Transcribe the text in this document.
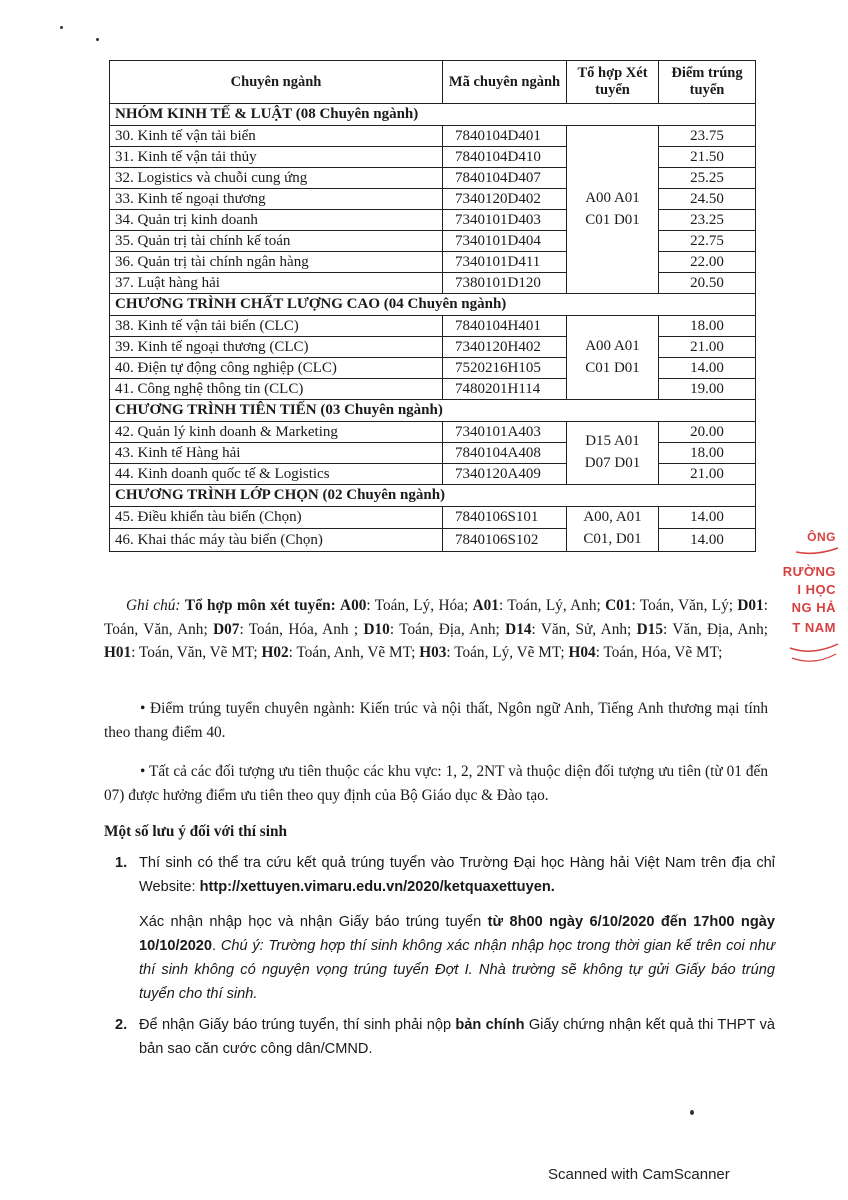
Chuyên ngành	Mã chuyên ngành	Tổ hợp Xét tuyển	Điểm trúng tuyển
NHÓM KINH TẾ & LUẬT (08 Chuyên ngành)			
30. Kinh tế vận tải biển	7840104D401	A00 A01 C01 D01	23.75
31. Kinh tế vận tải thủy	7840104D410		21.50
32. Logistics và chuỗi cung ứng	7840104D407		25.25
33. Kinh tế ngoại thương	7340120D402		24.50
34. Quản trị kinh doanh	7340101D403		23.25
35. Quản trị tài chính kế toán	7340101D404		22.75
36. Quản trị tài chính ngân hàng	7340101D411		22.00
37. Luật hàng hải	7380101D120		20.50
CHƯƠNG TRÌNH CHẤT LƯỢNG CAO (04 Chuyên ngành)			
38. Kinh tế vận tải biển (CLC)	7840104H401	A00 A01 C01 D01	18.00
39. Kinh tế ngoại thương (CLC)	7340120H402		21.00
40. Điện tự động công nghiệp (CLC)	7520216H105		14.00
41. Công nghệ thông tin (CLC)	7480201H114		19.00
CHƯƠNG TRÌNH TIÊN TIẾN (03 Chuyên ngành)			
42. Quản lý kinh doanh & Marketing	7340101A403	D15 A01 D07 D01	20.00
43. Kinh tế Hàng hải	7840104A408		18.00
44. Kinh doanh quốc tế & Logistics	7340120A409		21.00
CHƯƠNG TRÌNH LỚP CHỌN (02 Chuyên ngành)			
45. Điều khiển tàu biển (Chọn)	7840106S101	A00, A01 C01, D01	14.00
46. Khai thác máy tàu biển (Chọn)	7840106S102		14.00
Ghi chú: Tổ hợp môn xét tuyển: A00: Toán, Lý, Hóa; A01: Toán, Lý, Anh; C01: Toán, Văn, Lý; D01: Toán, Văn, Anh; D07: Toán, Hóa, Anh ; D10: Toán, Địa, Anh; D14: Văn, Sử, Anh; D15: Văn, Địa, Anh; H01: Toán, Văn, Vẽ MT; H02: Toán, Anh, Vẽ MT; H03: Toán, Lý, Vẽ MT; H04: Toán, Hóa, Vẽ MT;
• Điểm trúng tuyển chuyên ngành: Kiến trúc và nội thất, Ngôn ngữ Anh, Tiếng Anh thương mại tính theo thang điểm 40.
• Tất cả các đối tượng ưu tiên thuộc các khu vực: 1, 2, 2NT và thuộc diện đối tượng ưu tiên (từ 01 đến 07) được hưởng điểm ưu tiên theo quy định của Bộ Giáo dục & Đào tạo.
Một số lưu ý đối với thí sinh
1. Thí sinh có thể tra cứu kết quả trúng tuyển vào Trường Đại học Hàng hải Việt Nam trên địa chỉ Website: http://xettuyen.vimaru.edu.vn/2020/ketquaxettuyen.
Xác nhận nhập học và nhận Giấy báo trúng tuyển từ 8h00 ngày 6/10/2020 đến 17h00 ngày 10/10/2020. Chú ý: Trường hợp thí sinh không xác nhận nhập học trong thời gian kể trên coi như thí sinh không có nguyện vọng trúng tuyển Đợt I. Nhà trường sẽ không tự gửi Giấy báo trúng tuyển cho thí sinh.
2. Để nhận Giấy báo trúng tuyển, thí sinh phải nộp bản chính Giấy chứng nhận kết quả thi THPT và bản sao căn cước công dân/CMND.
ÔNG
RƯỜNG
I HỌC
NG HẢ
T NAM
Scanned with CamScanner
